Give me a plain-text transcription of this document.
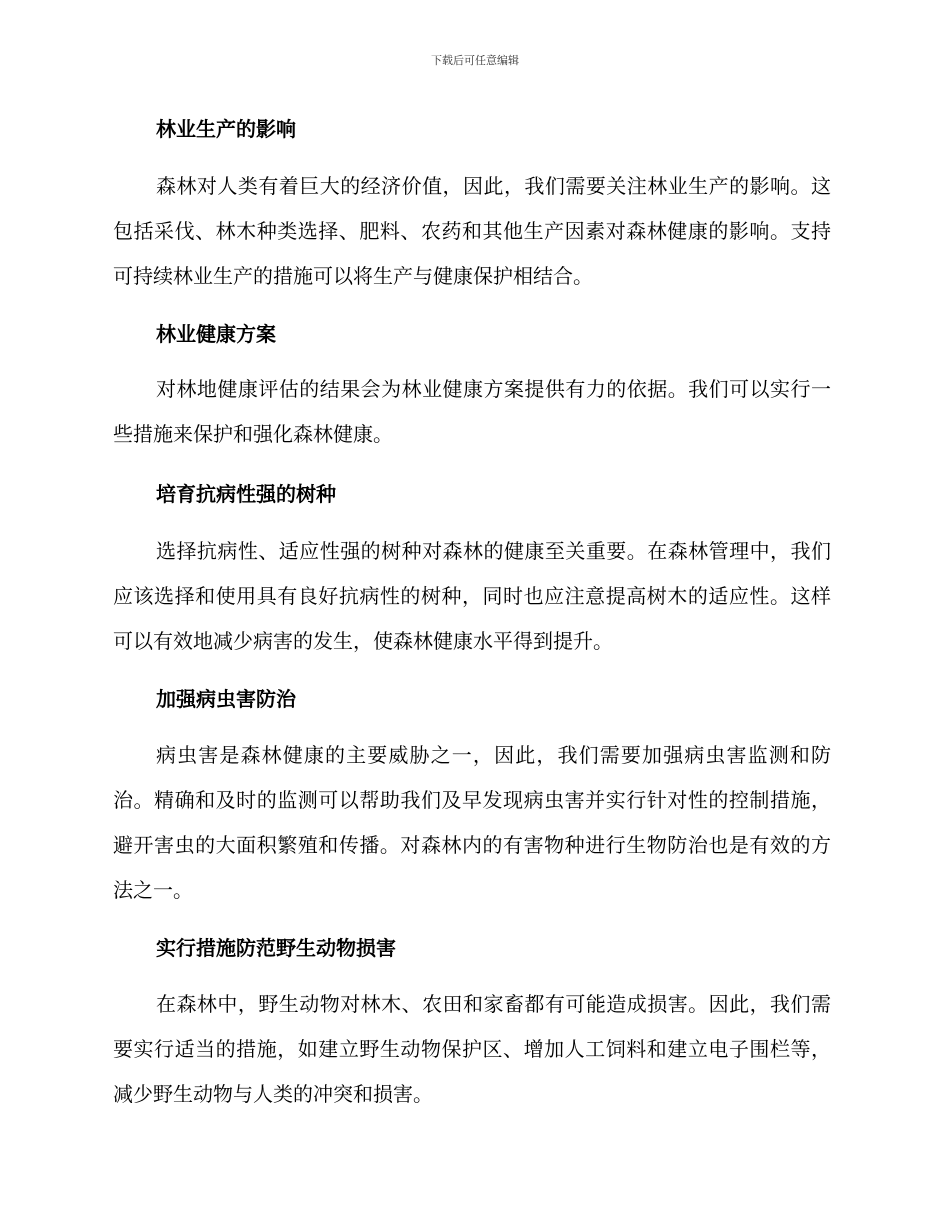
下载后可任意编辑
林业生产的影响

森林对人类有着巨大的经济价值，因此，我们需要关注林业生产的影响。这包括采伐、林木种类选择、肥料、农药和其他生产因素对森林健康的影响。支持可持续林业生产的措施可以将生产与健康保护相结合。

林业健康方案

对林地健康评估的结果会为林业健康方案提供有力的依据。我们可以实行一些措施来保护和强化森林健康。

培育抗病性强的树种

选择抗病性、适应性强的树种对森林的健康至关重要。在森林管理中，我们应该选择和使用具有良好抗病性的树种，同时也应注意提高树木的适应性。这样可以有效地减少病害的发生，使森林健康水平得到提升。

加强病虫害防治

病虫害是森林健康的主要威胁之一，因此，我们需要加强病虫害监测和防治。精确和及时的监测可以帮助我们及早发现病虫害并实行针对性的控制措施，避开害虫的大面积繁殖和传播。对森林内的有害物种进行生物防治也是有效的方法之一。

实行措施防范野生动物损害

在森林中，野生动物对林木、农田和家畜都有可能造成损害。因此，我们需要实行适当的措施，如建立野生动物保护区、增加人工饲料和建立电子围栏等，减少野生动物与人类的冲突和损害。
